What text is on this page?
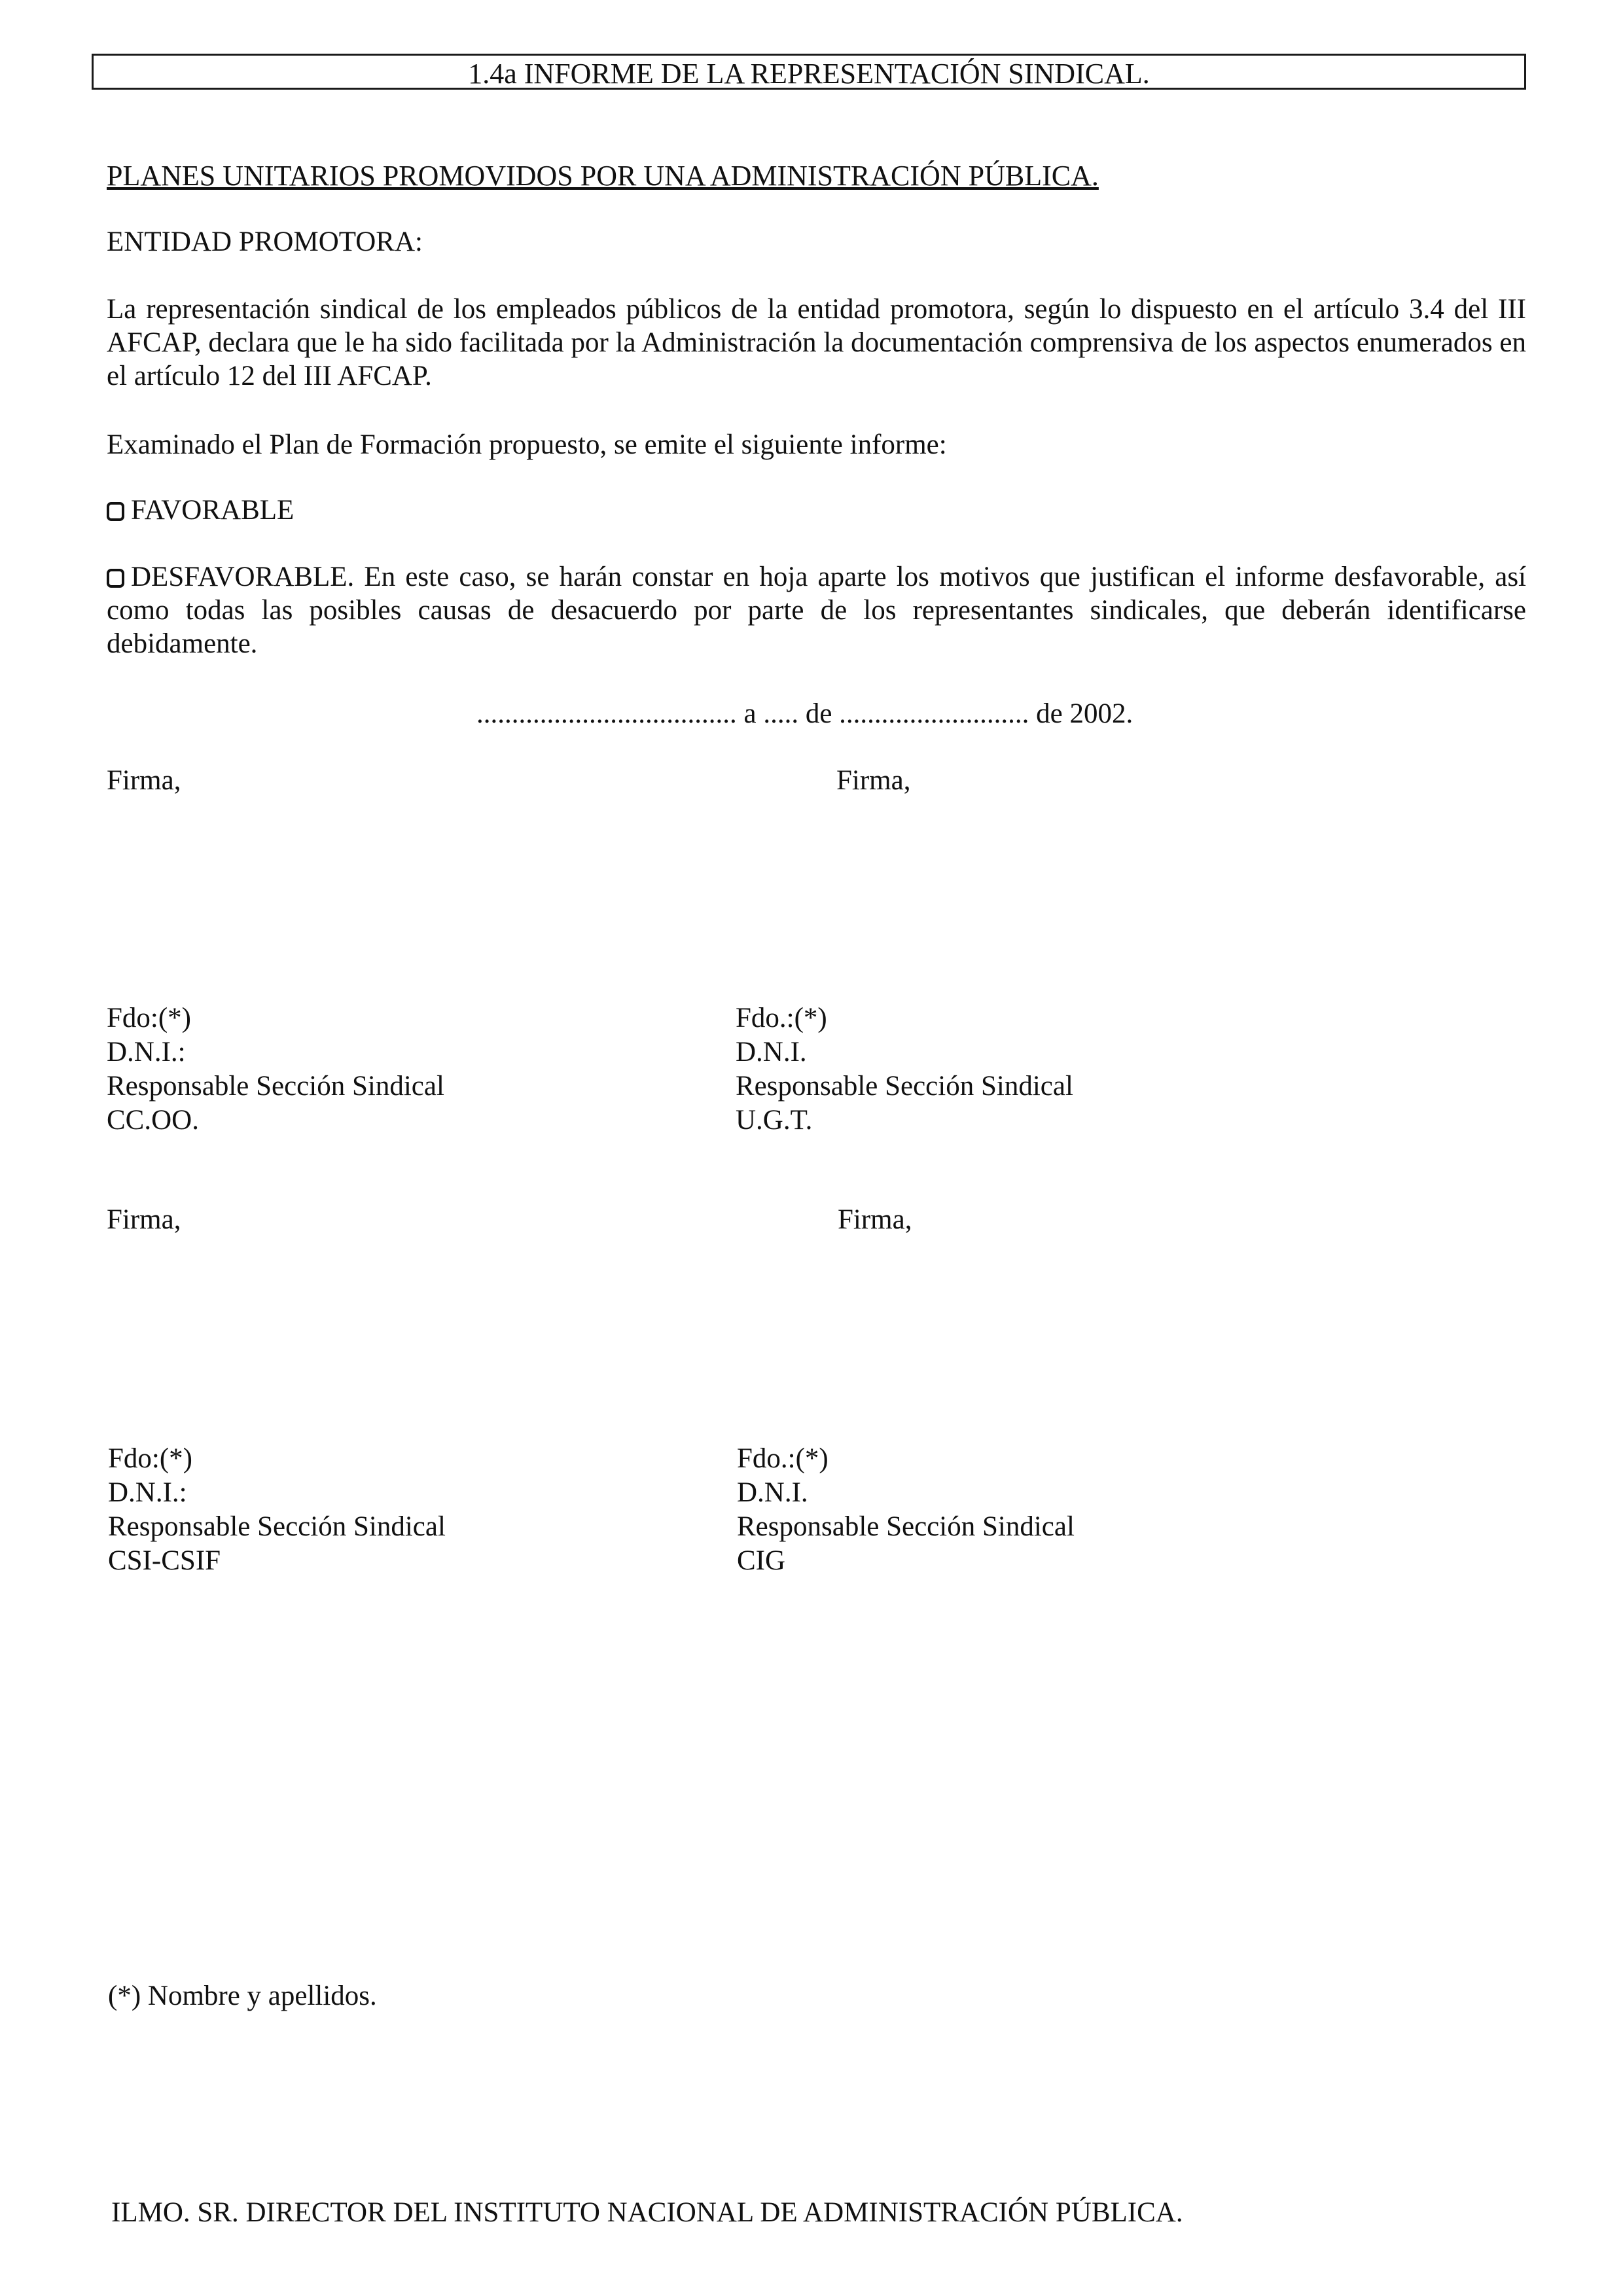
1.4a INFORME DE LA REPRESENTACIÓN SINDICAL.
PLANES UNITARIOS PROMOVIDOS POR UNA ADMINISTRACIÓN PÚBLICA.
ENTIDAD PROMOTORA:
La representación sindical de los empleados públicos de la entidad promotora, según lo dispuesto en el artículo 3.4 del III AFCAP, declara que le ha sido facilitada por la Administración la documentación comprensiva de los aspectos enumerados en el artículo 12 del III AFCAP.
Examinado el Plan de Formación propuesto, se emite el siguiente informe:
FAVORABLE
DESFAVORABLE. En este caso, se harán constar en hoja aparte los motivos que justifican el informe desfavorable, así como todas las posibles causas de desacuerdo por parte de los representantes sindicales, que deberán identificarse debidamente.
..................................... a ..... de ........................... de 2002.
Firma,
Fdo:(*)
D.N.I.:
Responsable Sección Sindical
CC.OO.
Firma,
Fdo.:(*)
D.N.I.
Responsable Sección Sindical
U.G.T.
Firma,
Fdo:(*)
D.N.I.:
Responsable Sección Sindical
CSI-CSIF
Firma,
Fdo.:(*)
D.N.I.
Responsable Sección Sindical
CIG
(*) Nombre y apellidos.
ILMO. SR. DIRECTOR DEL INSTITUTO NACIONAL DE ADMINISTRACIÓN PÚBLICA.
